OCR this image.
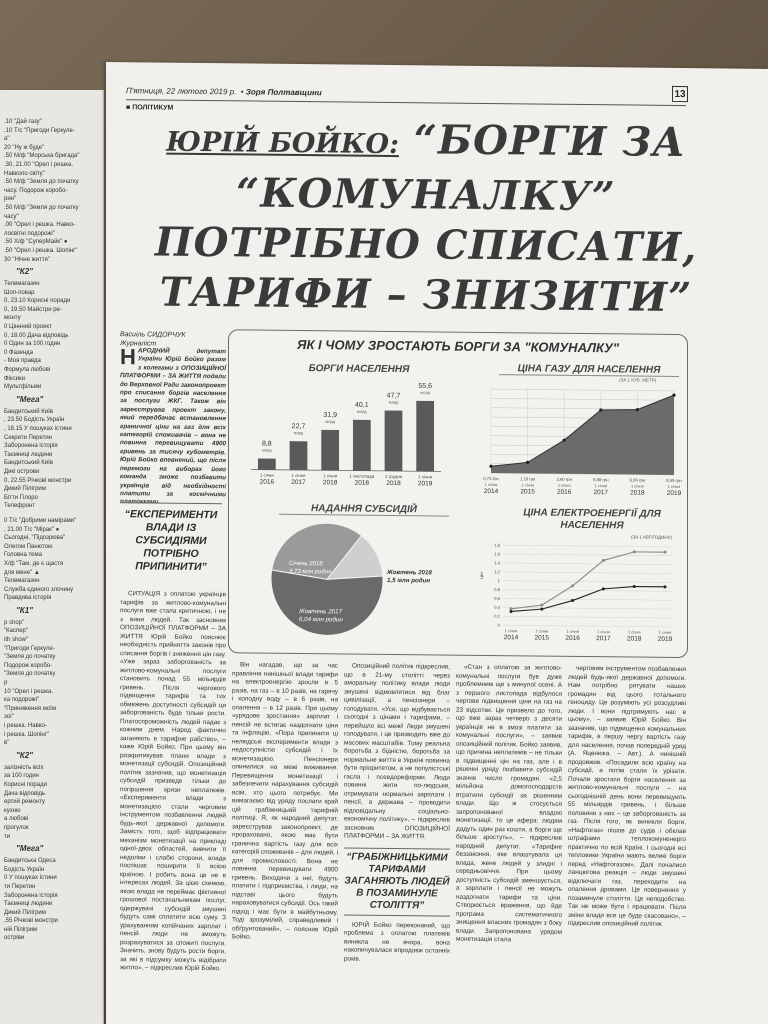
.10 "Дай газу"
.10 Т/с "Пригоди Геркуле-
а"
20 "Ну ж буде"
.50 М/ф "Морська бригада"
.30, 21.00 "Орел і решка.
Навколо світу"
.50 М/ф "Земля до початку
часу. Подорож коробо-
рин"
.50 М/ф "Земля до початку
часу"
.00 "Орел і решка. Навко-
лосвітні подорожі"
.50 Х/ф "СуперМайк" ●
.50 "Орел і решка. Шопінг"
30 "Нічне життя"
"К2"
Телемагазин
Шоп-повар
0, 23.10 Корисні поради
0, 19.50 Майстри ре-
монту
0 Ціннний проект
0, 18.00 Дача відповідь
0 Один за 100 годин
0 Фазенда
- Моя правда
Формула любові
Фіксики
Мультфільми
"Мега"
Бандитський Київ
, 23.50 Бодість Україн
, 18.15 У пошуках істини
Секрети Перетин
Заборонена історія
Таємниці людини
Бандитський Київ
Дикі острови
0, 22.55 Річкові монстри
Дикий Пілігрим
Бітти Гілоро
Телефронт
0 Т/с "Добрими намірами"
, 21.00 Т/с "Мірак" ●
Сьогодні, "Підозрюва"
Олегом Панютою
Головна тема
Х/ф "Там, де є щастя
для мене" ▲
Телемагазин
Служба єдиного злочину
Правдива історія
"К1"
p shop"
"Каспер"
ith show"
"Пригоди Геркуле-
"Земля до початку
Подорож коробо-
"Земля до початку
р
10 "Орел і решка.
ка подорожі"
"Приниження моїм
зої"
і решка. Навко-
і решка. Шопінг"
в"
"К2"
залізність всіх
за 100 годин
Корисні поради
Дача відповідь
ертий ремонту
кухню
а любові
прогулок
ти
"Мега"
Бандитська Одеса
Бодість Україн
0 У пошуках істини
ти Перетин
Заборонена історія
Таємниці людини
Дикий Пілігрим
,55 Річкові монстри
ній Пілігрим
остріви
П'ятниця, 22 лютого 2019 р.  • Зоря Полтавщини	13
■ ПОЛІТИКУМ
ЮРІЙ БОЙКО: “БОРГИ ЗА
“КОМУНАЛКУ”
ПОТРІБНО СПИСАТИ,
ТАРИФИ – ЗНИЗИТИ”
Васиiль СИДОРЧУК
Журналіст
НАРОДНИЙ депутат України Юрій Бойко разом з колегами з ОПОЗИЦІЙНОЇ ПЛАТФОРМИ – ЗА ЖИТТЯ подали до Верховної Ради законопроект про списання боргів населення за послуги ЖКГ. Також він зареєстрував проект закону, який передбачає встановлення граничної ціни на газ для всіх категорій споживачів – вона не повинна перевищувати 4900 гривень за тисячу кубометрів. Юрій Бойко впевнений, що після перемоги на виборах його команда зможе позбавити українців від необхідності платити за космічними платіжками.
“ЕКСПЕРИМЕНТИ ВЛАДИ ІЗ СУБСИДІЯМИ ПОТРІБНО ПРИПИНИТИ”
ЯК І ЧОМУ ЗРОСТАЮТЬ БОРГИ ЗА "КОМУНАЛКУ"
БОРГИ НАСЕЛЕННЯ
8,8
млрд
1 січня
2016
22,7
млрд
1 січня
2017
31,9
млрд
1 січня
2018
40,1
млрд
1 листопада
2018
47,7
млрд
1 грудня
2018
55,6
млрд
1 січня
2019
ЦІНА ГАЗУ ДЛЯ НАСЕЛЕННЯ
(ЗА 1 КУБ. МЕТР)
0,73 грн
1 січня
2014
1,18 грн
1 січня
2015
3,60 грн
1 січня
2016
6,88 грн
1 січня
2017
6,96 грн
1 січня
2018
8,55 грн
1 січня
2019
НАДАННЯ СУБСИДІЙ
Січень 2018
3,73 млн родин	Жовтень 2018
1,5 млн родин
Жовтень 2017
6,04 млн родин
ЦІНА ЕЛЕКТРОЕНЕРГІЇ ДЛЯ НАСЕЛЕННЯ
(ЗА 1 КВТ/ГОДИНУ)
0
0,2
0,4
0,6
0,8
1
1,2
1,4
1,6
1,8
грн
1 січня
2014
1 січня
2015
1 січня
2016
1 січня
2017
1 січня
2018
1 січня
2019

СИТУАЦІЯ з оплатою українців тарифів за житлово-комунальні послуги вже стала критичною, і не з вини людей. Так засновник ОПОЗИЦІЙНОЇ ПЛАТФОРМИ – ЗА ЖИТТЯ Юрій Бойко пояснює необхідність прийняття законів про списання боргів і зниження цін газу. «Уже зараз заборгованість за житлово-комунальні послуги становить понад 55 мільярдів гривень. Після чергового підвищення тарифів та тих обмежень доступності субсидій ця заборгованість буде тільки рости. Платоспроможність людей падає з кожним днем. Народ фактично заганяють в тарифне рабство», – каже Юрій Бойко. При цьому він розкритикував плани влади з монетизації субсидій. Опозиційний політик зазначив, що монетизація субсидій призведе тільки до погіршення кризи неплатежів. «Експерименти влади з монетизацією стали черговим інструментом позбавлення людей будь-якої державної допомоги. Замість того, щоб відпрацювати механізм монетизації на прикладі одної-двох областей, вивчити її недоліки і слабкі сторони, влада поспішає поширити її всією країною. І робить вона це не в інтересах людей. За цією схемою, якою влада не переймає фіктивної грошової постачальникам послуг, одержувачі субсидій змушені будуть самі сплатити всю суму. З урахуванням копійчаних зарплат і пенсій люди не зможуть розрахуватися за спожиті послуги. Значить, знову будуть рости борги, за які в підсумку можуть відібрати житло», – підкреслив Юрій Бойко.

Він нагадав, що за час правління нинішньої влади тарифи на електроенергію зросли в 5 разів, на газ – в 10 разів, на гарячу і холодну воду – в 6 разів, на опалення – в 12 разів. При цьому «урядове зростання» зарплат і пенсій не встигає наздогнати ціни та інфляцію. «Пора припинити ці нелюдські експерименти влади з недоступністю субсидій і їх монетизацією. Пенсіонери опинилися на межі виживання. Перевищення монетизації і забезпечити нарахування субсидій всім, хто цього потребує. Ми вимагаємо від уряду послати край цій грабіжницькій тарифній політиці. Я, як народний депутат, зареєстрував законопроект, де прораховано, якою має бути гранична вартість газу для всіх категорій споживачів – для людей, і для промисловості. Вона не повинна перевищувати 4900 гривень. Виходячи з неї, будуть платити і підприємства, і люди, на підставі цього будуть нараховуватися субсидії. Ось такий підхід і має бути в майбутньому. Тоді зрозумілий, справедливий і обґрунтований», – пояснив Юрій Бойко.

Опозиційний політик підкреслив, що в 21-му столітті через аморальну політику влади люди змушені відмовлятися від благ цивілізації, а пенсіонери – голодувати. «Усе, що відбувається сьогодні з цінами і тарифами, – перейшло всі межі! Люди змушені голодувати, і це призводить вже до масових масштабів. Тому реальна боротьба з бідністю, боротьба за нормальне життя в Україні повинна бути пріоритетом, а не популістські гасла і псевдореформи. Люди повинні жити по-людськи, отримувати нормальні зарплати і пенсії, а держава – проводити відповідальну соціально-економічну політику», – підкреслив засновник ОПОЗИЦІЙНОЇ ПЛАТФОРМИ – ЗА ЖИТТЯ.

“ГРАБІЖНИЦЬКИМИ ТАРИФАМИ ЗАГАНЯЮТЬ ЛЮДЕЙ В ПОЗАМИНУЛЕ СТОЛІТТЯ”

ЮРІЙ Бойко переконаний, що проблема з оплатою платежів виникла не вчора, вона накопичувалася впродовж останніх років.

«Стан з оплатою за житлово-комунальні послуги був дуже проблемним ще з минулої осені. А з першого листопада відбулося чергове підвищення ціни на газ на 23 відсотки. Це призвело до того, що вже зараз четверо з десяти українців не в змозі платити за комунальні послуги», – заявив опозиційний політик. Бойко заявив, що причина неплатежів – не тільки в підвищенні цін на газ, але і в рішенні уряду позбавити субсидій значне число громадян. «2,5 мільйона домогосподарств втратили субсидії за рішенням влади. Що ж стосується запропонованої владою монетизації, то це афера: людям дадуть один раз кошти, а борги ще більше зростуть», – підкреслив народний депутат. «Тарифне беззаконня, яке влаштувала ця влада, жене людей у злидні і середньовіччя. При цьому доступність субсидій зменшується, а зарплати і пенсії не можуть наздогнати тарифи та ціни. Створюється враження, що йде програма систематичного знищення власних громадян з боку влади. Запропонована урядом монетизація стала

черговим інструментом позбавлення людей будь-якої державної допомоги. Нам потрібно рятувати наших громадян від цього тотального геноциду. Це розуміють усі розсудливі люди. І вони підтримують нас в цьому», – заявив Юрій Бойко. Він зазначив, що підвищення комунальних тарифів, в першу чергу вартість газу для населення, почав попередній уряд (А. Яценюка. – Авт.). А нинішній продовжив. «Посадили всю країну на субсидії, а потім стали їх урізати. Почали зростати борги населення за житлово-комунальні послуги – на сьогоднішній день вони перевищують 55 мільярдів гривень, і більше половини з них – це заборгованість за газ. Після того, як виникли борги, «Нафтогаз» пішов до судів і обклав штрафами теплокомуненерго практично по всій Країні. І сьогодні всі тепловики України мають великі борги перед «Нафтогазом». Далі почалися ланцюгова реакція – люди змушені відключати газ, переходити на опалення дровами. Це повернення у позаминуле століття. Це неподобство. Так не може бути і працювати. Після зміни влади все це буде скасовано», – підкреслив опозиційний політик.
